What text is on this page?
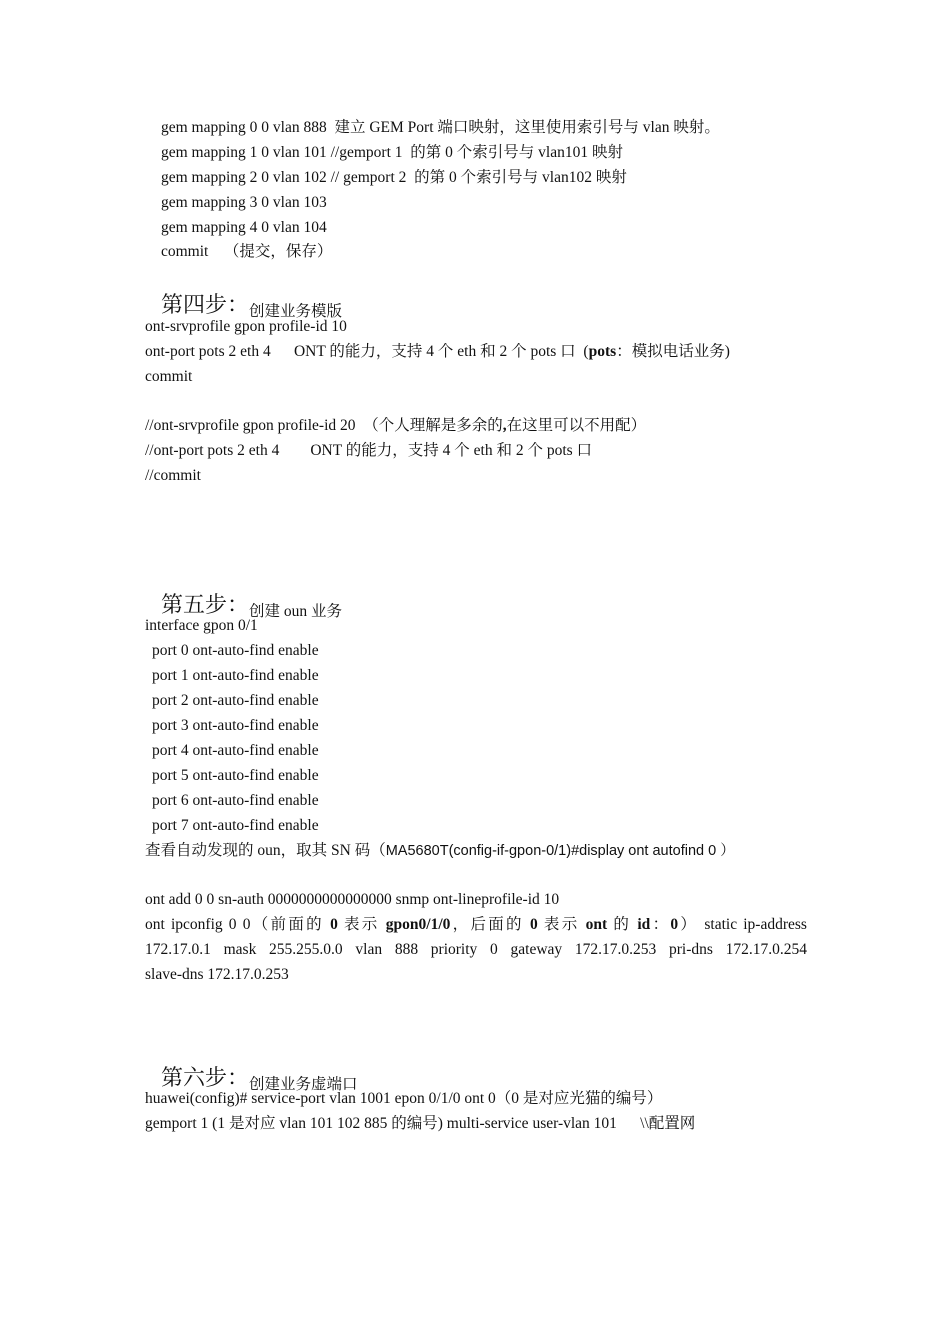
gem mapping 0 0 vlan 888  建立 GEM Port 端口映射，这里使用索引号与 vlan 映射。
gem mapping 1 0 vlan 101 //gemport 1  的第 0 个索引号与 vlan101 映射
gem mapping 2 0 vlan 102 // gemport 2  的第 0 个索引号与 vlan102 映射
gem mapping 3 0 vlan 103
gem mapping 4 0 vlan 104
commit    （提交，保存）

第四步：创建业务模版

ont-srvprofile gpon profile-id 10
ont-port pots 2 eth 4      ONT 的能力，支持 4 个 eth 和 2 个 pots 口  (pots：模拟电话业务)
commit
//ont-srvprofile gpon profile-id 20  （个人理解是多余的,在这里可以不用配）
//ont-port pots 2 eth 4        ONT 的能力，支持 4 个 eth 和 2 个 pots 口
//commit

第五步：创建 oun 业务

interface gpon 0/1
port 0 ont-auto-find enable
port 1 ont-auto-find enable
port 2 ont-auto-find enable
port 3 ont-auto-find enable
port 4 ont-auto-find enable
port 5 ont-auto-find enable
port 6 ont-auto-find enable
port 7 ont-auto-find enable
查看自动发现的 oun，取其 SN 码（MA5680T(config-if-gpon-0/1)#display ont autofind 0 ）
ont add 0 0 sn-auth 0000000000000000 snmp ont-lineprofile-id 10
ont ipconfig 0 0（前面的 0 表示 gpon0/1/0，后面的 0 表示 ont 的 id：0） static ip-address
172.17.0.1 mask 255.255.0.0 vlan 888 priority 0 gateway 172.17.0.253 pri-dns 172.17.0.254
slave-dns 172.17.0.253

第六步：创建业务虚端口

huawei(config)# service-port vlan 1001 epon 0/1/0 ont 0（0 是对应光猫的编号）
gemport 1 (1 是对应 vlan 101 102 885 的编号) multi-service user-vlan 101      \\配置网
